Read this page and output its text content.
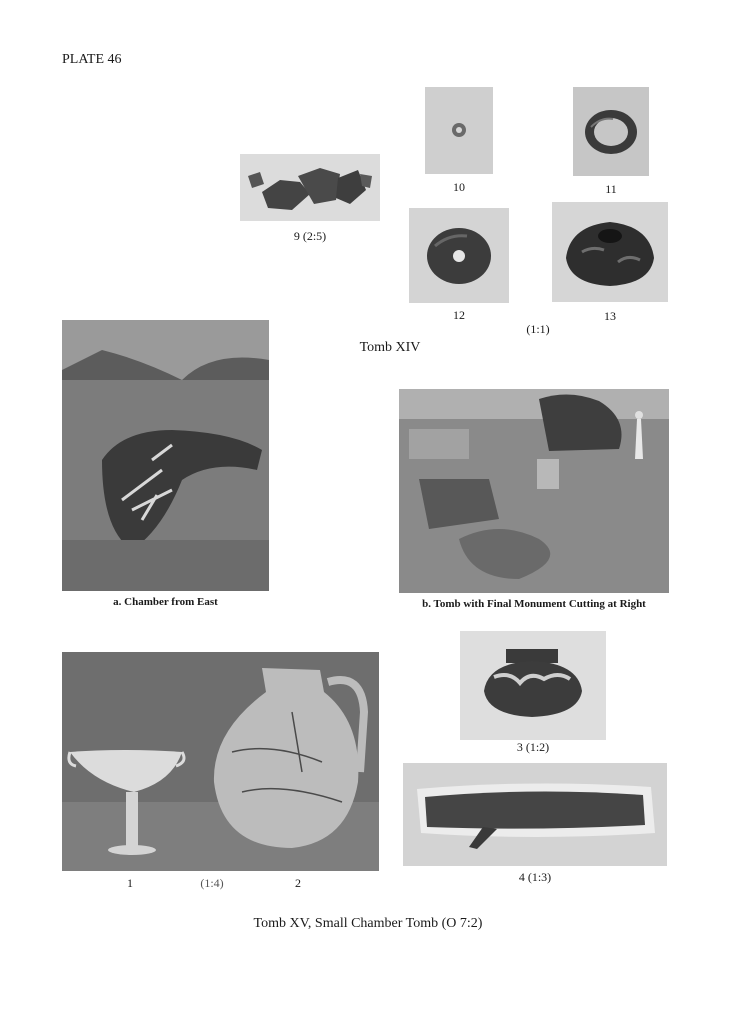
PLATE 46
9 (2:5)
10	11
12	13
(1:1)
Tomb XIV
a. Chamber from East	b. Tomb with Final Monument Cutting at Right
1	(1:4)	2
3 (1:2)
4 (1:3)
Tomb XV, Small Chamber Tomb (O 7:2)
